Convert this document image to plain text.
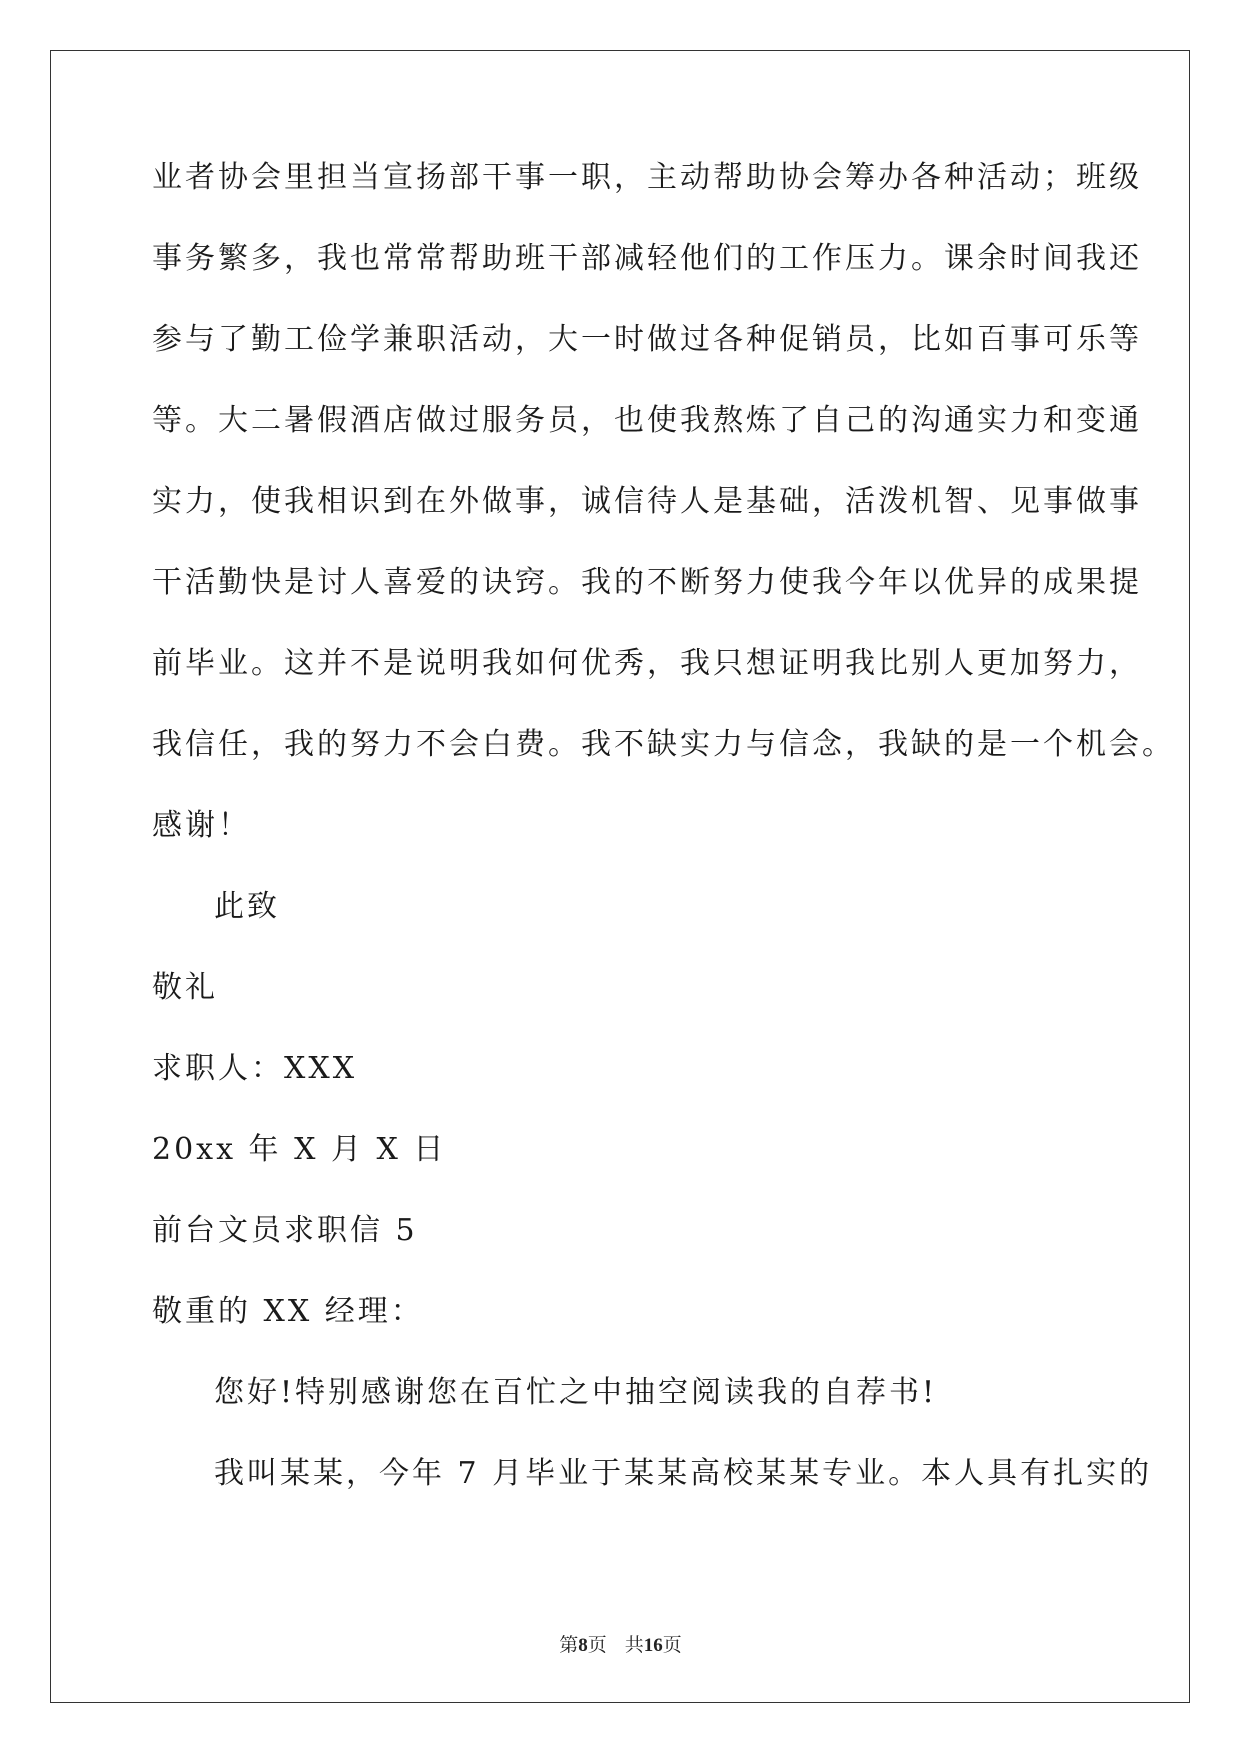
业者协会里担当宣扬部干事一职，主动帮助协会筹办各种活动；班级
事务繁多，我也常常帮助班干部减轻他们的工作压力。课余时间我还
参与了勤工俭学兼职活动，大一时做过各种促销员，比如百事可乐等
等。大二暑假酒店做过服务员，也使我熬炼了自己的沟通实力和变通
实力，使我相识到在外做事，诚信待人是基础，活泼机智、见事做事
干活勤快是讨人喜爱的诀窍。我的不断努力使我今年以优异的成果提
前毕业。这并不是说明我如何优秀，我只想证明我比别人更加努力，
我信任，我的努力不会白费。我不缺实力与信念，我缺的是一个机会。
感谢！
此致
敬礼
求职人：XXX
20xx 年 X 月 X 日
前台文员求职信 5
敬重的 XX 经理：
您好!特别感谢您在百忙之中抽空阅读我的自荐书!
我叫某某，今年 7 月毕业于某某高校某某专业。本人具有扎实的
第8页 共16页
